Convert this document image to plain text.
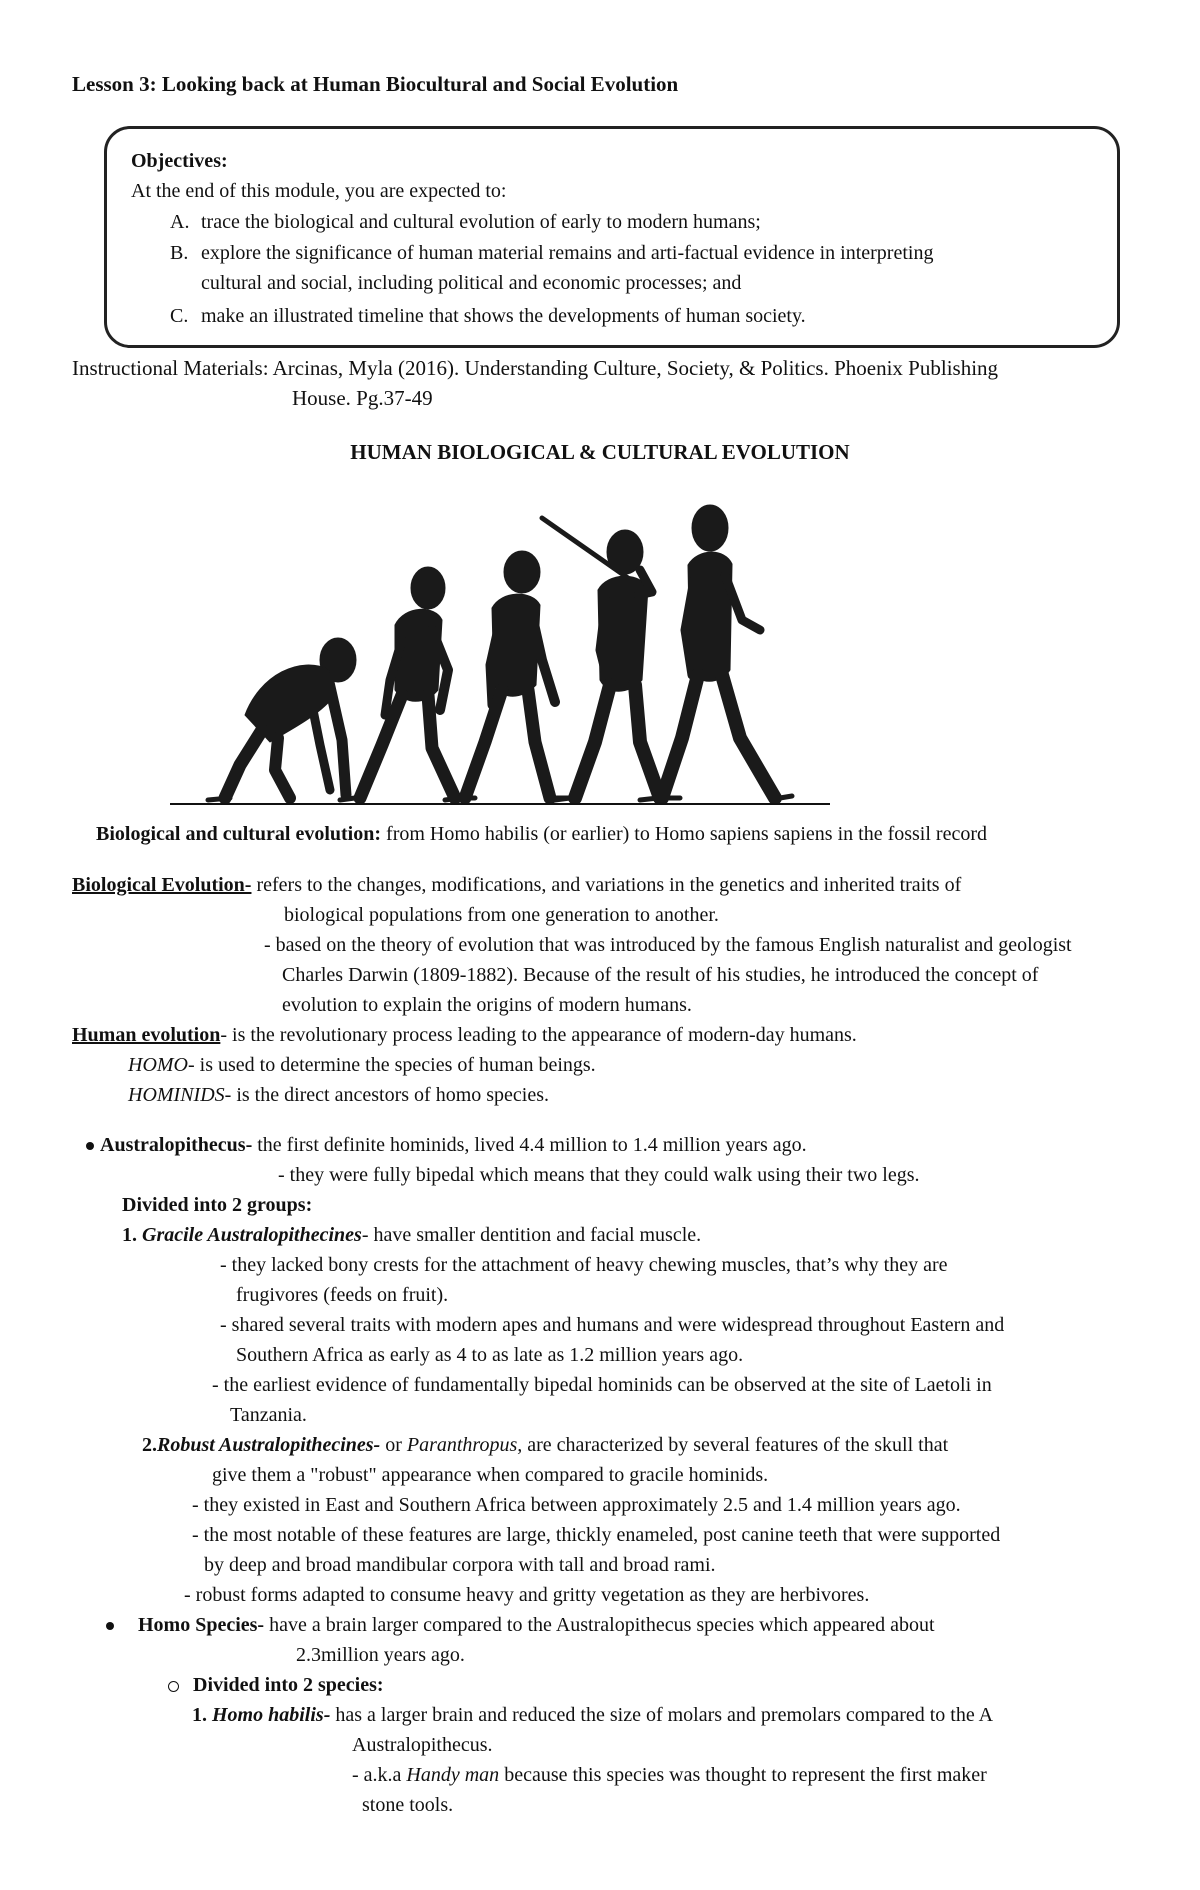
Lesson 3: Looking back at Human Biocultural and Social Evolution
Objectives:
At the end of this module, you are expected to:
A. trace the biological and cultural evolution of early to modern humans;
B. explore the significance of human material remains and arti-factual evidence in interpreting
cultural and social, including political and economic processes; and
C. make an illustrated timeline that shows the developments of human society.
Instructional Materials: Arcinas, Myla (2016). Understanding Culture, Society, & Politics. Phoenix Publishing
House. Pg.37-49
HUMAN BIOLOGICAL & CULTURAL EVOLUTION
Biological and cultural evolution: from Homo habilis (or earlier) to Homo sapiens sapiens in the fossil record
Biological Evolution- refers to the changes, modifications, and variations in the genetics and inherited traits of
biological populations from one generation to another.
- based on the theory of evolution that was introduced by the famous English naturalist and geologist
Charles Darwin (1809-1882). Because of the result of his studies, he introduced the concept of
evolution to explain the origins of modern humans.
Human evolution- is the revolutionary process leading to the appearance of modern-day humans.
HOMO- is used to determine the species of human beings.
HOMINIDS- is the direct ancestors of homo species.
Australopithecus- the first definite hominids, lived 4.4 million to 1.4 million years ago.
- they were fully bipedal which means that they could walk using their two legs.
Divided into 2 groups:
1. Gracile Australopithecines- have smaller dentition and facial muscle.
- they lacked bony crests for the attachment of heavy chewing muscles, that’s why they are
frugivores (feeds on fruit).
- shared several traits with modern apes and humans and were widespread throughout Eastern and
Southern Africa as early as 4 to as late as 1.2 million years ago.
- the earliest evidence of fundamentally bipedal hominids can be observed at the site of Laetoli in
Tanzania.
2.Robust Australopithecines- or Paranthropus, are characterized by several features of the skull that
give them a "robust" appearance when compared to gracile hominids.
- they existed in East and Southern Africa between approximately 2.5 and 1.4 million years ago.
- the most notable of these features are large, thickly enameled, post canine teeth that were supported
by deep and broad mandibular corpora with tall and broad rami.
- robust forms adapted to consume heavy and gritty vegetation as they are herbivores.
Homo Species- have a brain larger compared to the Australopithecus species which appeared about
2.3million years ago.
Divided into 2 species:
1. Homo habilis- has a larger brain and reduced the size of molars and premolars compared to the A
Australopithecus.
- a.k.a Handy man because this species was thought to represent the first maker
stone tools.
